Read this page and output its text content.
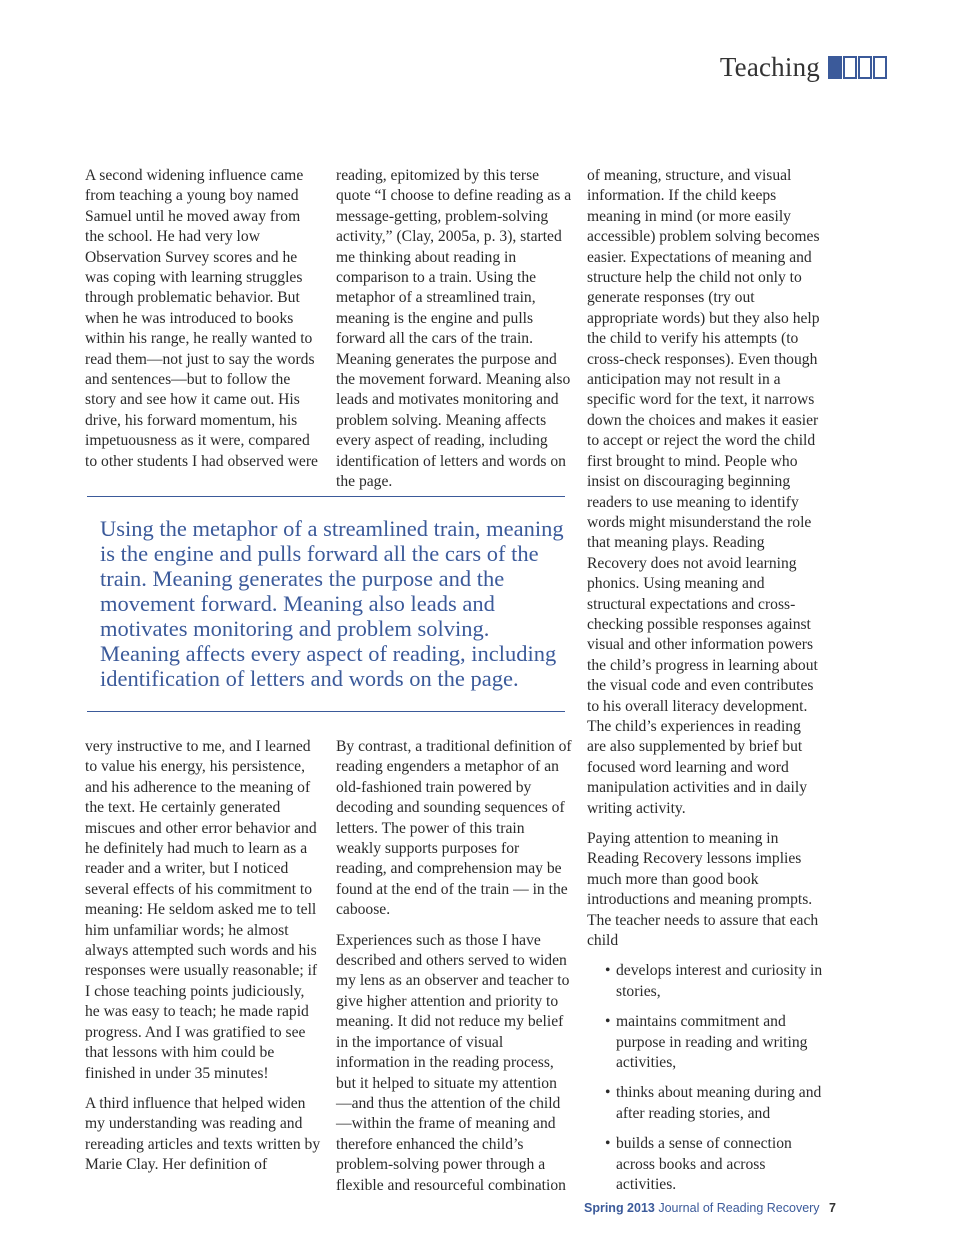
Teaching

A second widening influence came from teaching a young boy named Samuel until he moved away from the school. He had very low Observation Survey scores and he was coping with learning struggles through problematic behavior. But when he was introduced to books within his range, he really wanted to read them—not just to say the words and sentences—but to follow the story and see how it came out. His drive, his forward momentum, his impetuousness as it were, compared to other students I had observed were

reading, epitomized by this terse quote “I choose to define reading as a message-getting, problem-solving activity,” (Clay, 2005a, p. 3), started me thinking about reading in comparison to a train. Using the metaphor of a streamlined train, meaning is the engine and pulls forward all the cars of the train. Meaning generates the purpose and the movement forward. Meaning also leads and motivates monitoring and problem solving. Meaning affects every aspect of reading, including identification of letters and words on the page.

Using the metaphor of a streamlined train, meaning is the engine and pulls forward all the cars of the train. Meaning generates the purpose and the movement forward. Meaning also leads and motivates monitoring and problem solving. Meaning affects every aspect of reading, including identification of letters and words on the page.

very instructive to me, and I learned to value his energy, his persistence, and his adherence to the meaning of the text. He certainly generated miscues and other error behavior and he definitely had much to learn as a reader and a writer, but I noticed several effects of his commitment to meaning: He seldom asked me to tell him unfamiliar words; he almost always attempted such words and his responses were usually reasonable; if I chose teaching points judiciously, he was easy to teach; he made rapid progress. And I was gratified to see that lessons with him could be finished in under 35 minutes!

A third influence that helped widen my understanding was reading and rereading articles and texts written by Marie Clay. Her definition of

By contrast, a traditional definition of reading engenders a metaphor of an old-fashioned train powered by decoding and sounding sequences of letters. The power of this train weakly supports purposes for reading, and comprehension may be found at the end of the train — in the caboose.

Experiences such as those I have described and others served to widen my lens as an observer and teacher to give higher attention and priority to meaning. It did not reduce my belief in the importance of visual information in the reading process, but it helped to situate my attention—and thus the attention of the child—within the frame of meaning and therefore enhanced the child’s problem-solving power through a flexible and resourceful combination

of meaning, structure, and visual information. If the child keeps meaning in mind (or more easily accessible) problem solving becomes easier. Expectations of meaning and structure help the child not only to generate responses (try out appropriate words) but they also help the child to verify his attempts (to cross-check responses). Even though anticipation may not result in a specific word for the text, it narrows down the choices and makes it easier to accept or reject the word the child first brought to mind. People who insist on discouraging beginning readers to use meaning to identify words might misunderstand the role that meaning plays. Reading Recovery does not avoid learning phonics. Using meaning and structural expectations and cross-checking possible responses against visual and other information powers the child’s progress in learning about the visual code and even contributes to his overall literacy development. The child’s experiences in reading are also supplemented by brief but focused word learning and word manipulation activities and in daily writing activity.

Paying attention to meaning in Reading Recovery lessons implies much more than good book introductions and meaning prompts. The teacher needs to assure that each child

• develops interest and curiosity in stories,
• maintains commitment and purpose in reading and writing activities,
• thinks about meaning during and after reading stories, and
• builds a sense of connection across books and across activities.
Spring 2013 Journal of Reading Recovery 7
